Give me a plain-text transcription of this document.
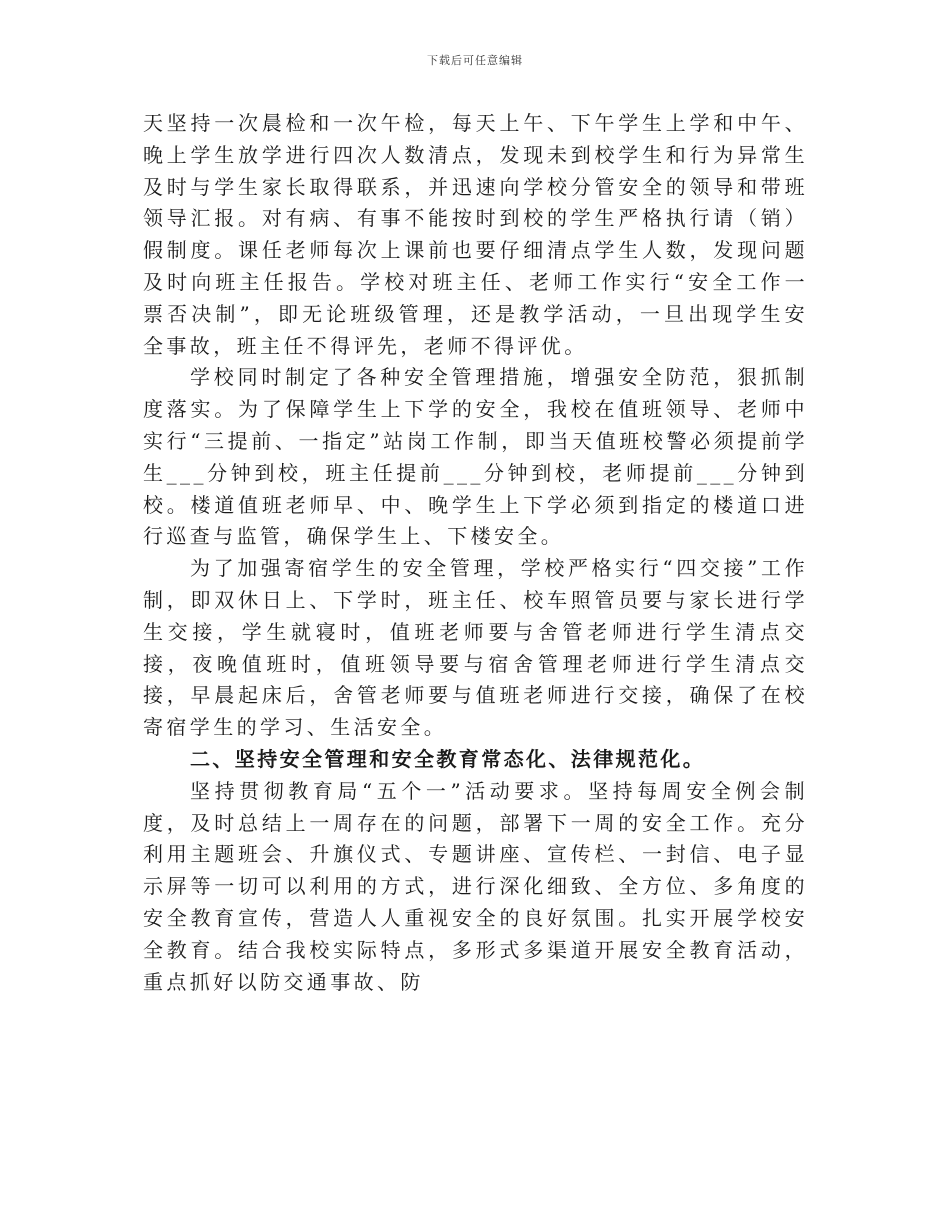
下载后可任意编辑

天坚持一次晨检和一次午检，每天上午、下午学生上学和中午、晚上学生放学进行四次人数清点，发现未到校学生和行为异常生及时与学生家长取得联系，并迅速向学校分管安全的领导和带班领导汇报。对有病、有事不能按时到校的学生严格执行请（销）假制度。课任老师每次上课前也要仔细清点学生人数，发现问题及时向班主任报告。学校对班主任、老师工作实行“安全工作一票否决制”，即无论班级管理，还是教学活动，一旦出现学生安全事故，班主任不得评先，老师不得评优。

学校同时制定了各种安全管理措施，增强安全防范，狠抓制度落实。为了保障学生上下学的安全，我校在值班领导、老师中实行“三提前、一指定”站岗工作制，即当天值班校警必须提前学生___分钟到校，班主任提前___分钟到校，老师提前___分钟到校。楼道值班老师早、中、晚学生上下学必须到指定的楼道口进行巡查与监管，确保学生上、下楼安全。

为了加强寄宿学生的安全管理，学校严格实行“四交接”工作制，即双休日上、下学时，班主任、校车照管员要与家长进行学生交接，学生就寝时，值班老师要与舍管老师进行学生清点交接，夜晚值班时，值班领导要与宿舍管理老师进行学生清点交接，早晨起床后，舍管老师要与值班老师进行交接，确保了在校寄宿学生的学习、生活安全。

二、坚持安全管理和安全教育常态化、法律规范化。

坚持贯彻教育局“五个一”活动要求。坚持每周安全例会制度，及时总结上一周存在的问题，部署下一周的安全工作。充分利用主题班会、升旗仪式、专题讲座、宣传栏、一封信、电子显示屏等一切可以利用的方式，进行深化细致、全方位、多角度的安全教育宣传，营造人人重视安全的良好氛围。扎实开展学校安全教育。结合我校实际特点，多形式多渠道开展安全教育活动，重点抓好以防交通事故、防
